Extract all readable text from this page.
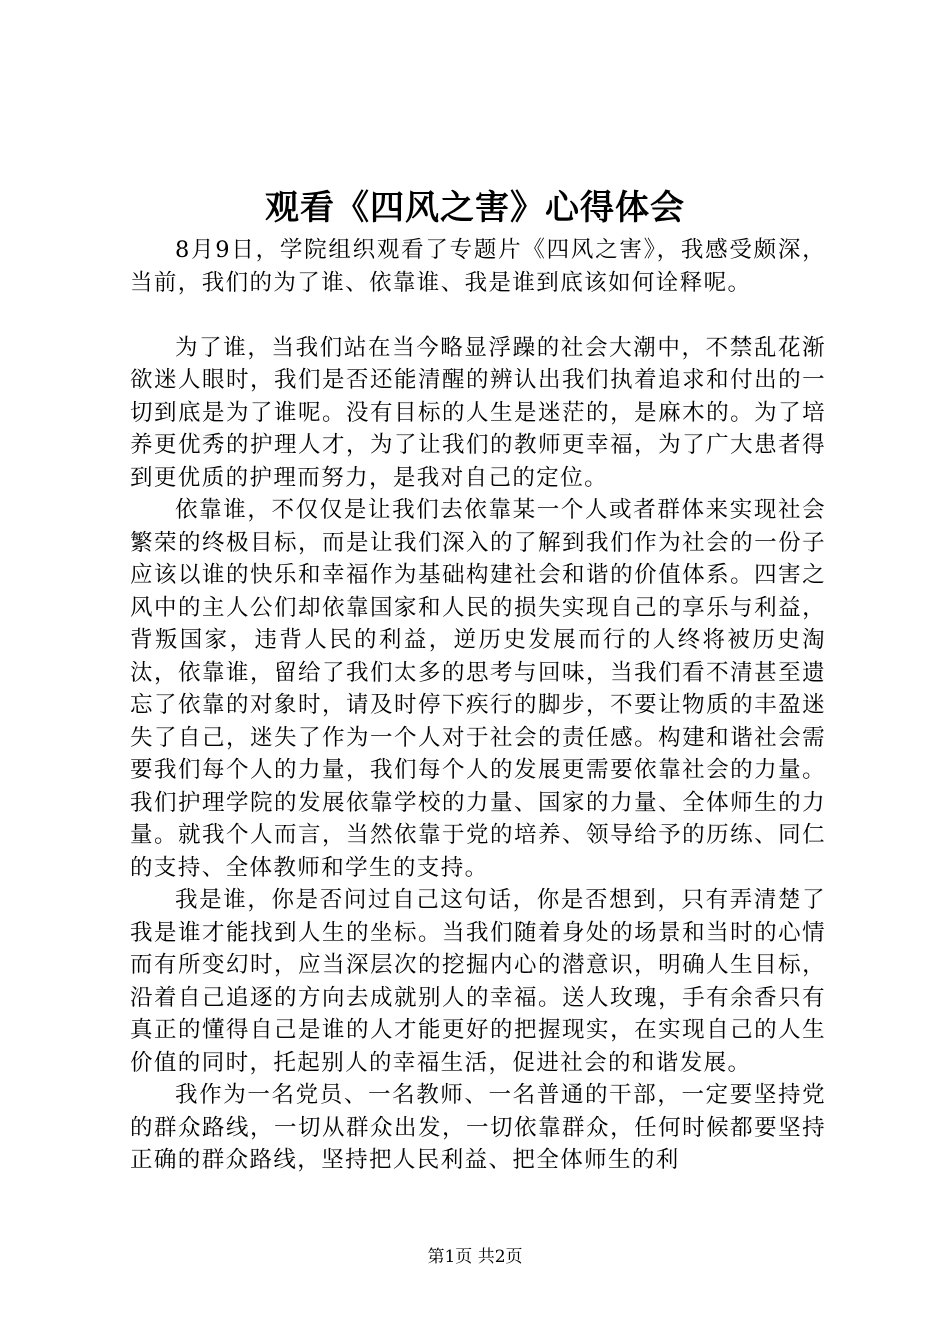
观看《四风之害》心得体会

8月9日，学院组织观看了专题片《四风之害》，我感受颇深，当前，我们的为了谁、依靠谁、我是谁到底该如何诠释呢。

为了谁，当我们站在当今略显浮躁的社会大潮中，不禁乱花渐欲迷人眼时，我们是否还能清醒的辨认出我们执着追求和付出的一切到底是为了谁呢。没有目标的人生是迷茫的，是麻木的。为了培养更优秀的护理人才，为了让我们的教师更幸福，为了广大患者得到更优质的护理而努力，是我对自己的定位。

依靠谁，不仅仅是让我们去依靠某一个人或者群体来实现社会繁荣的终极目标，而是让我们深入的了解到我们作为社会的一份子应该以谁的快乐和幸福作为基础构建社会和谐的价值体系。四害之风中的主人公们却依靠国家和人民的损失实现自己的享乐与利益，背叛国家，违背人民的利益，逆历史发展而行的人终将被历史淘汰，依靠谁，留给了我们太多的思考与回味，当我们看不清甚至遗忘了依靠的对象时，请及时停下疾行的脚步，不要让物质的丰盈迷失了自己，迷失了作为一个人对于社会的责任感。构建和谐社会需要我们每个人的力量，我们每个人的发展更需要依靠社会的力量。我们护理学院的发展依靠学校的力量、国家的力量、全体师生的力量。就我个人而言，当然依靠于党的培养、领导给予的历练、同仁的支持、全体教师和学生的支持。

我是谁，你是否问过自己这句话，你是否想到，只有弄清楚了我是谁才能找到人生的坐标。当我们随着身处的场景和当时的心情而有所变幻时，应当深层次的挖掘内心的潜意识，明确人生目标，沿着自己追逐的方向去成就别人的幸福。送人玫瑰，手有余香只有真正的懂得自己是谁的人才能更好的把握现实，在实现自己的人生价值的同时，托起别人的幸福生活，促进社会的和谐发展。

我作为一名党员、一名教师、一名普通的干部，一定要坚持党的群众路线，一切从群众出发，一切依靠群众，任何时候都要坚持正确的群众路线，坚持把人民利益、把全体师生的利

第1页 共2页
